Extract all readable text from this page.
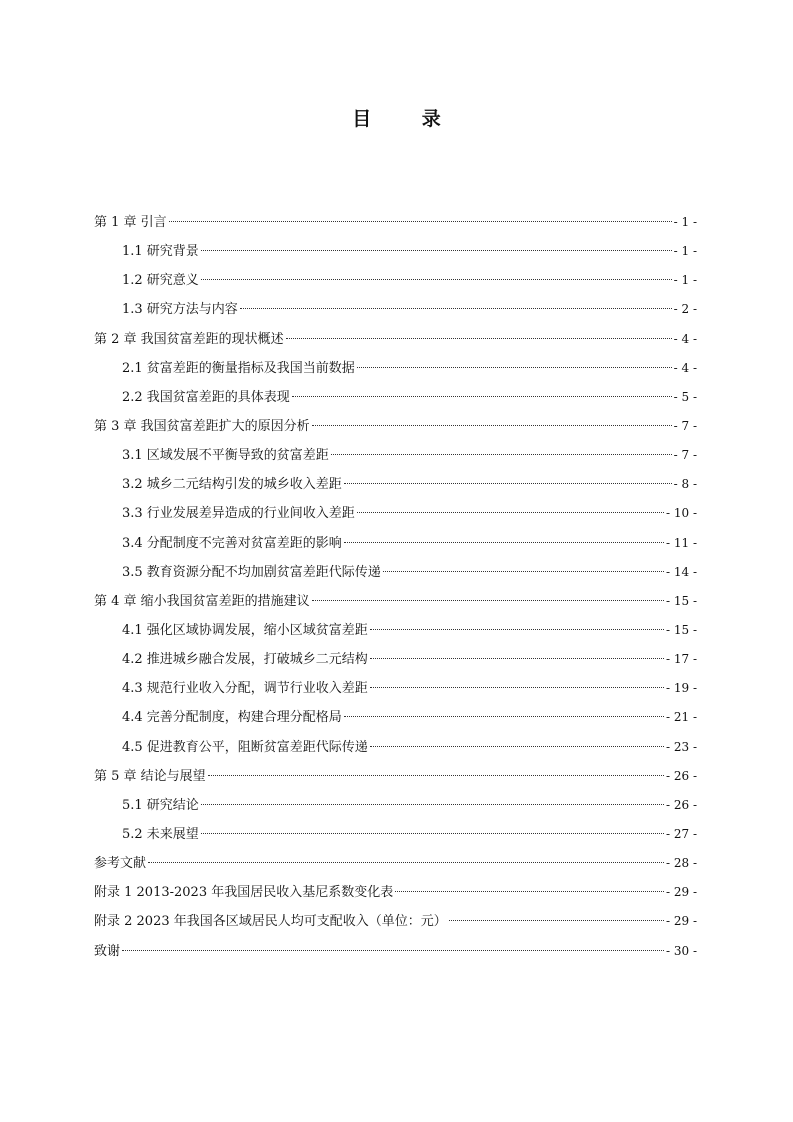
目 录
第 1 章 引言	- 1 -
1.1 研究背景	- 1 -
1.2 研究意义	- 1 -
1.3 研究方法与内容	- 2 -
第 2 章 我国贫富差距的现状概述	- 4 -
2.1 贫富差距的衡量指标及我国当前数据	- 4 -
2.2 我国贫富差距的具体表现	- 5 -
第 3 章 我国贫富差距扩大的原因分析	- 7 -
3.1 区域发展不平衡导致的贫富差距	- 7 -
3.2 城乡二元结构引发的城乡收入差距	- 8 -
3.3 行业发展差异造成的行业间收入差距	- 10 -
3.4 分配制度不完善对贫富差距的影响	- 11 -
3.5 教育资源分配不均加剧贫富差距代际传递	- 14 -
第 4 章 缩小我国贫富差距的措施建议	- 15 -
4.1 强化区域协调发展，缩小区域贫富差距	- 15 -
4.2 推进城乡融合发展，打破城乡二元结构	- 17 -
4.3 规范行业收入分配，调节行业收入差距	- 19 -
4.4 完善分配制度，构建合理分配格局	- 21 -
4.5 促进教育公平，阻断贫富差距代际传递	- 23 -
第 5 章 结论与展望	- 26 -
5.1 研究结论	- 26 -
5.2 未来展望	- 27 -
参考文献	- 28 -
附录 1 2013-2023 年我国居民收入基尼系数变化表	- 29 -
附录 2 2023 年我国各区域居民人均可支配收入（单位：元）	- 29 -
致谢	- 30 -
